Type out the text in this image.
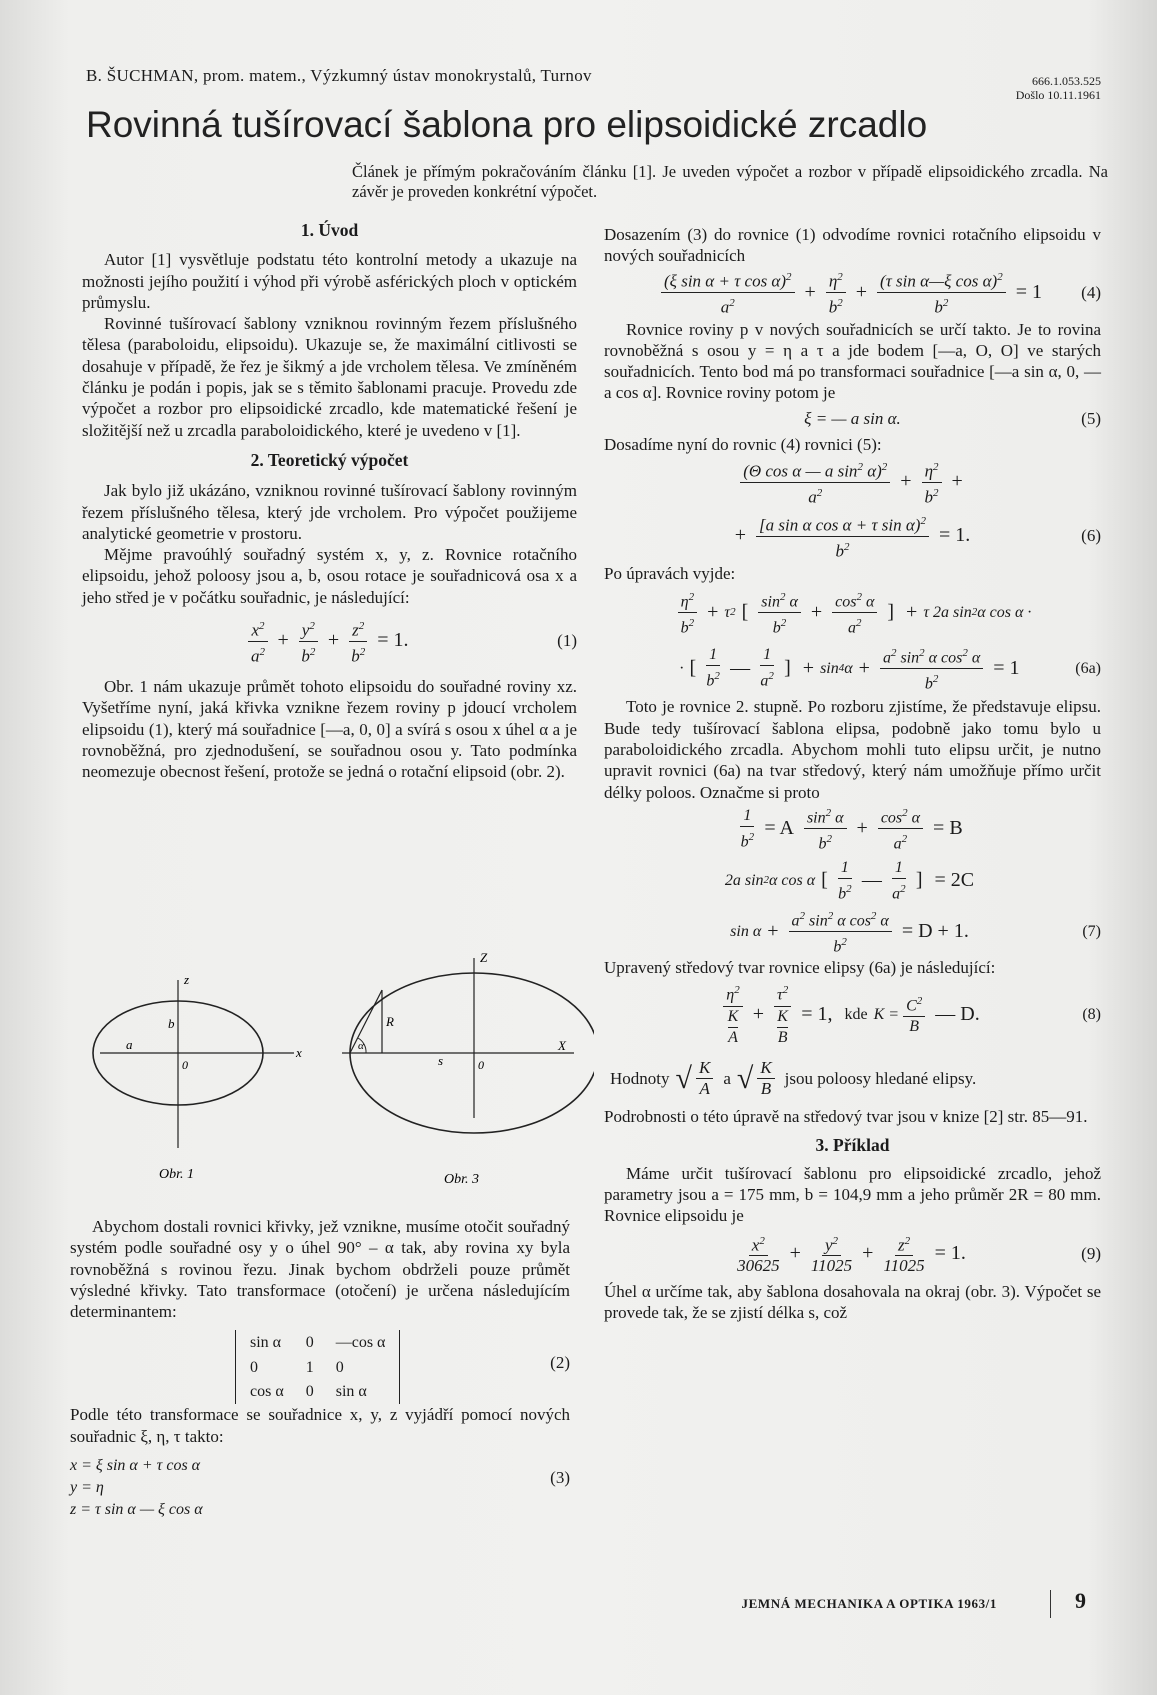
B. ŠUCHMAN, prom. matem., Výzkumný ústav monokrystalů, Turnov	666.1.053.525
Došlo 10.11.1961
Rovinná tušírovací šablona pro elipsoidické zrcadlo
Článek je přímým pokračováním článku [1]. Je uveden výpočet a rozbor v případě elipsoidického zrcadla. Na závěr je proveden konkrétní výpočet.
1. Úvod

Autor [1] vysvětluje podstatu této kontrolní metody a ukazuje na možnosti jejího použití i výhod při výrobě asférických ploch v optickém průmyslu.

Rovinné tušírovací šablony vzniknou rovinným řezem příslušného tělesa (paraboloidu, elipsoidu). Ukazuje se, že maximální citlivosti se dosahuje v případě, že řez je šikmý a jde vrcholem tělesa. Ve zmíněném článku je podán i popis, jak se s těmito šablonami pracuje. Provedu zde výpočet a rozbor pro elipsoidické zrcadlo, kde matematické řešení je složitější než u zrcadla paraboloidického, které je uvedeno v [1].

2. Teoretický výpočet

Jak bylo již ukázáno, vzniknou rovinné tušírovací šablony rovinným řezem příslušného tělesa, který jde vrcholem. Pro výpočet použijeme analytické geometrie v prostoru.

Mějme pravoúhlý souřadný systém x, y, z. Rovnice rotačního elipsoidu, jehož poloosy jsou a, b, osou rotace je souřadnicová osa x a jeho střed je v počátku souřadnic, je následující:

$\frac{x^2}{a^2} + \frac{y^2}{b^2} + \frac{z^2}{b^2} = 1$.	(1)

Obr. 1 nám ukazuje průmět tohoto elipsoidu do souřadné roviny xz. Vyšetříme nyní, jaká křivka vznikne řezem roviny p jdoucí vrcholem elipsoidu (1), který má souřadnice [—a, 0, 0] a svírá s osou x úhel α a je rovnoběžná, pro zjednodušení, se souřadnou osou y. Tato podmínka neomezuje obecnost řešení, protože se jedná o rotační elipsoid (obr. 2).

z
x
b
a
0
Obr. 1
Z
X
R
s
α
0
Obr. 3

Abychom dostali rovnici křivky, jež vznikne, musíme otočit souřadný systém podle souřadné osy y o úhel 90° – α tak, aby rovina xy byla rovnoběžná s rovinou řezu. Jinak bychom obdrželi pouze průmět výsledné křivky. Tato transformace (otočení) je určena následujícím determinantem:

sin α 0 —cos α
0	1 0
cos α 0 sin α
(2)

Podle této transformace se souřadnice x, y, z vyjádří pomocí nových souřadnic ξ, η, τ takto:

x = ξ sin α + τ cos α
y = η
z = τ sin α — ξ cos α
(3)

Dosazením (3) do rovnice (1) odvodíme rovnici rotačního elipsoidu v nových souřadnicích

$\frac{(\xi \sin \alpha + \tau \cos \alpha)^2}{a^2} + \frac{\eta^2}{b^2} + \frac{(\tau \sin \alpha—\xi \cos \alpha)^2}{b^2} = 1$ (4)

Rovnice roviny p v nových souřadnicích se určí takto. Je to rovina rovnoběžná s osou y = η a τ a jde bodem [—a, O, O] ve starých souřadnicích. Tento bod má po transformaci souřadnice [—a sin α, 0, —a cos α]. Rovnice roviny potom je

ξ = — a sin α.	(5)

Dosadíme nyní do rovnic (4) rovnici (5):

$\frac{(\Theta \cos \alpha — a \sin^2 \alpha)^2}{a^2} + \frac{\eta^2}{b^2}$ +
+ $\frac{[a \sin \alpha \cos \alpha + \tau \sin \alpha)^2}{b^2} = 1$.	(6)

Po úpravách vyjde:

$\frac{\eta^2}{b^2} + \tau$ 2 [ $\frac{\sin^2 \alpha}{b^2} + \frac{\cos^2 \alpha}{a^2}$ ] + τ 2a sin 2 α cos α ·
· [ $\frac{1}{b^2}$ — $\frac{1}{a^2}$ ] + sin 4 $\alpha + \frac{a^2 \sin^2 \alpha \cos^2 \alpha}{b^2} = 1$	(6a)

Toto je rovnice 2. stupně. Po rozboru zjistíme, že představuje elipsu. Bude tedy tušírovací šablona elipsa, podobně jako tomu bylo u paraboloidického zrcadla. Abychom mohli tuto elipsu určit, je nutno upravit rovnici (6a) na tvar středový, který nám umožňuje přímo určit délky poloos. Označme si proto

$\frac{1}{b^2} = A \frac{\sin^2 \alpha}{b^2} + \frac{\cos^2 \alpha}{a^2} = B$
2a sin 2 α cos α [ $\frac{1}{b^2}$ — $\frac{1}{a^2}$ ] = 2C
$\sin \alpha + \frac{a^2 \sin^2 \alpha \cos^2 \alpha}{b^2} = D + 1$.	(7)

Upravený středový tvar rovnice elipsy (6a) je následující:

$\eta^2$
K
A
+
$\tau^2$
K
B
= 1, kde $K = \frac{C^2}{B}$ — D.	(8)
Hodnoty √ $\frac{K}{A}$ a √ $\frac{K}{B}$ jsou poloosy hledané elipsy.

Podrobnosti o této úpravě na středový tvar jsou v knize [2] str. 85—91.

3. Příklad

Máme určit tušírovací šablonu pro elipsoidické zrcadlo, jehož parametry jsou a = 175 mm, b = 104,9 mm a jeho průměr 2R = 80 mm. Rovnice elipsoidu je

$\frac{x^2}{30625} + \frac{y^2}{11025} + \frac{z^2}{11025} = 1$.	(9)

Úhel α určíme tak, aby šablona dosahovala na okraj (obr. 3). Výpočet se provede tak, že se zjistí délka s, což

JEMNÁ MECHANIKA A OPTIKA 1963/1	9
